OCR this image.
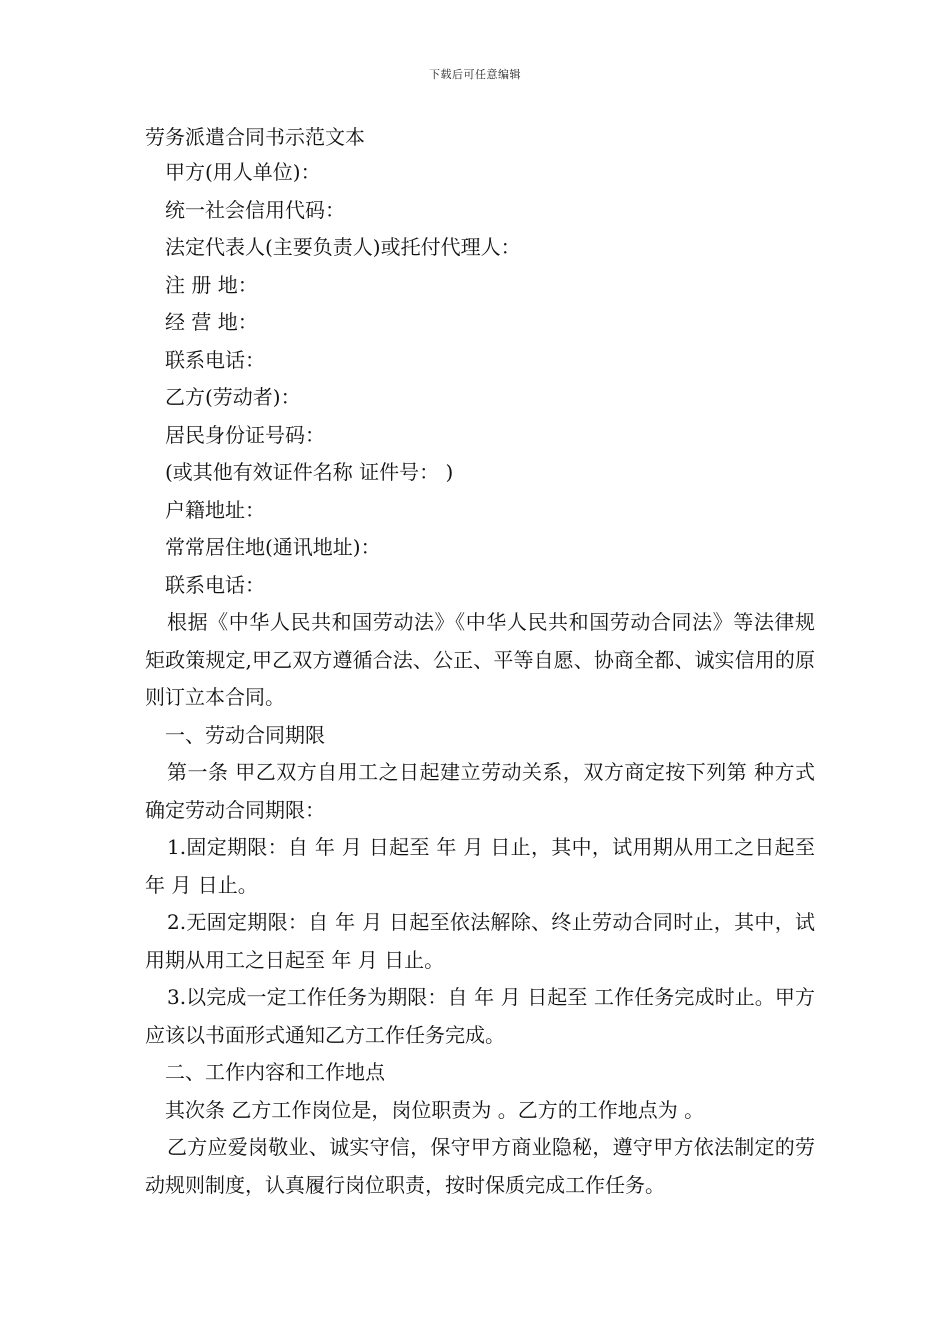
下载后可任意编辑

劳务派遣合同书示范文本

甲方(用人单位)：

统一社会信用代码：

法定代表人(主要负责人)或托付代理人：

注 册 地：

经 营 地：

联系电话：

乙方(劳动者)：

居民身份证号码：

(或其他有效证件名称 证件号： )

户籍地址：

常常居住地(通讯地址)：

联系电话：

根据《中华人民共和国劳动法》《中华人民共和国劳动合同法》等法律规矩政策规定,甲乙双方遵循合法、公正、平等自愿、协商全都、诚实信用的原则订立本合同。

一、劳动合同期限

第一条 甲乙双方自用工之日起建立劳动关系，双方商定按下列第 种方式确定劳动合同期限：

1.固定期限：自 年 月 日起至 年 月 日止，其中，试用期从用工之日起至 年 月 日止。

2.无固定期限：自 年 月 日起至依法解除、终止劳动合同时止，其中，试用期从用工之日起至 年 月 日止。

3.以完成一定工作任务为期限：自 年 月 日起至 工作任务完成时止。甲方应该以书面形式通知乙方工作任务完成。

二、工作内容和工作地点

其次条 乙方工作岗位是，岗位职责为 。乙方的工作地点为 。

乙方应爱岗敬业、诚实守信，保守甲方商业隐秘，遵守甲方依法制定的劳动规则制度，认真履行岗位职责，按时保质完成工作任务。
